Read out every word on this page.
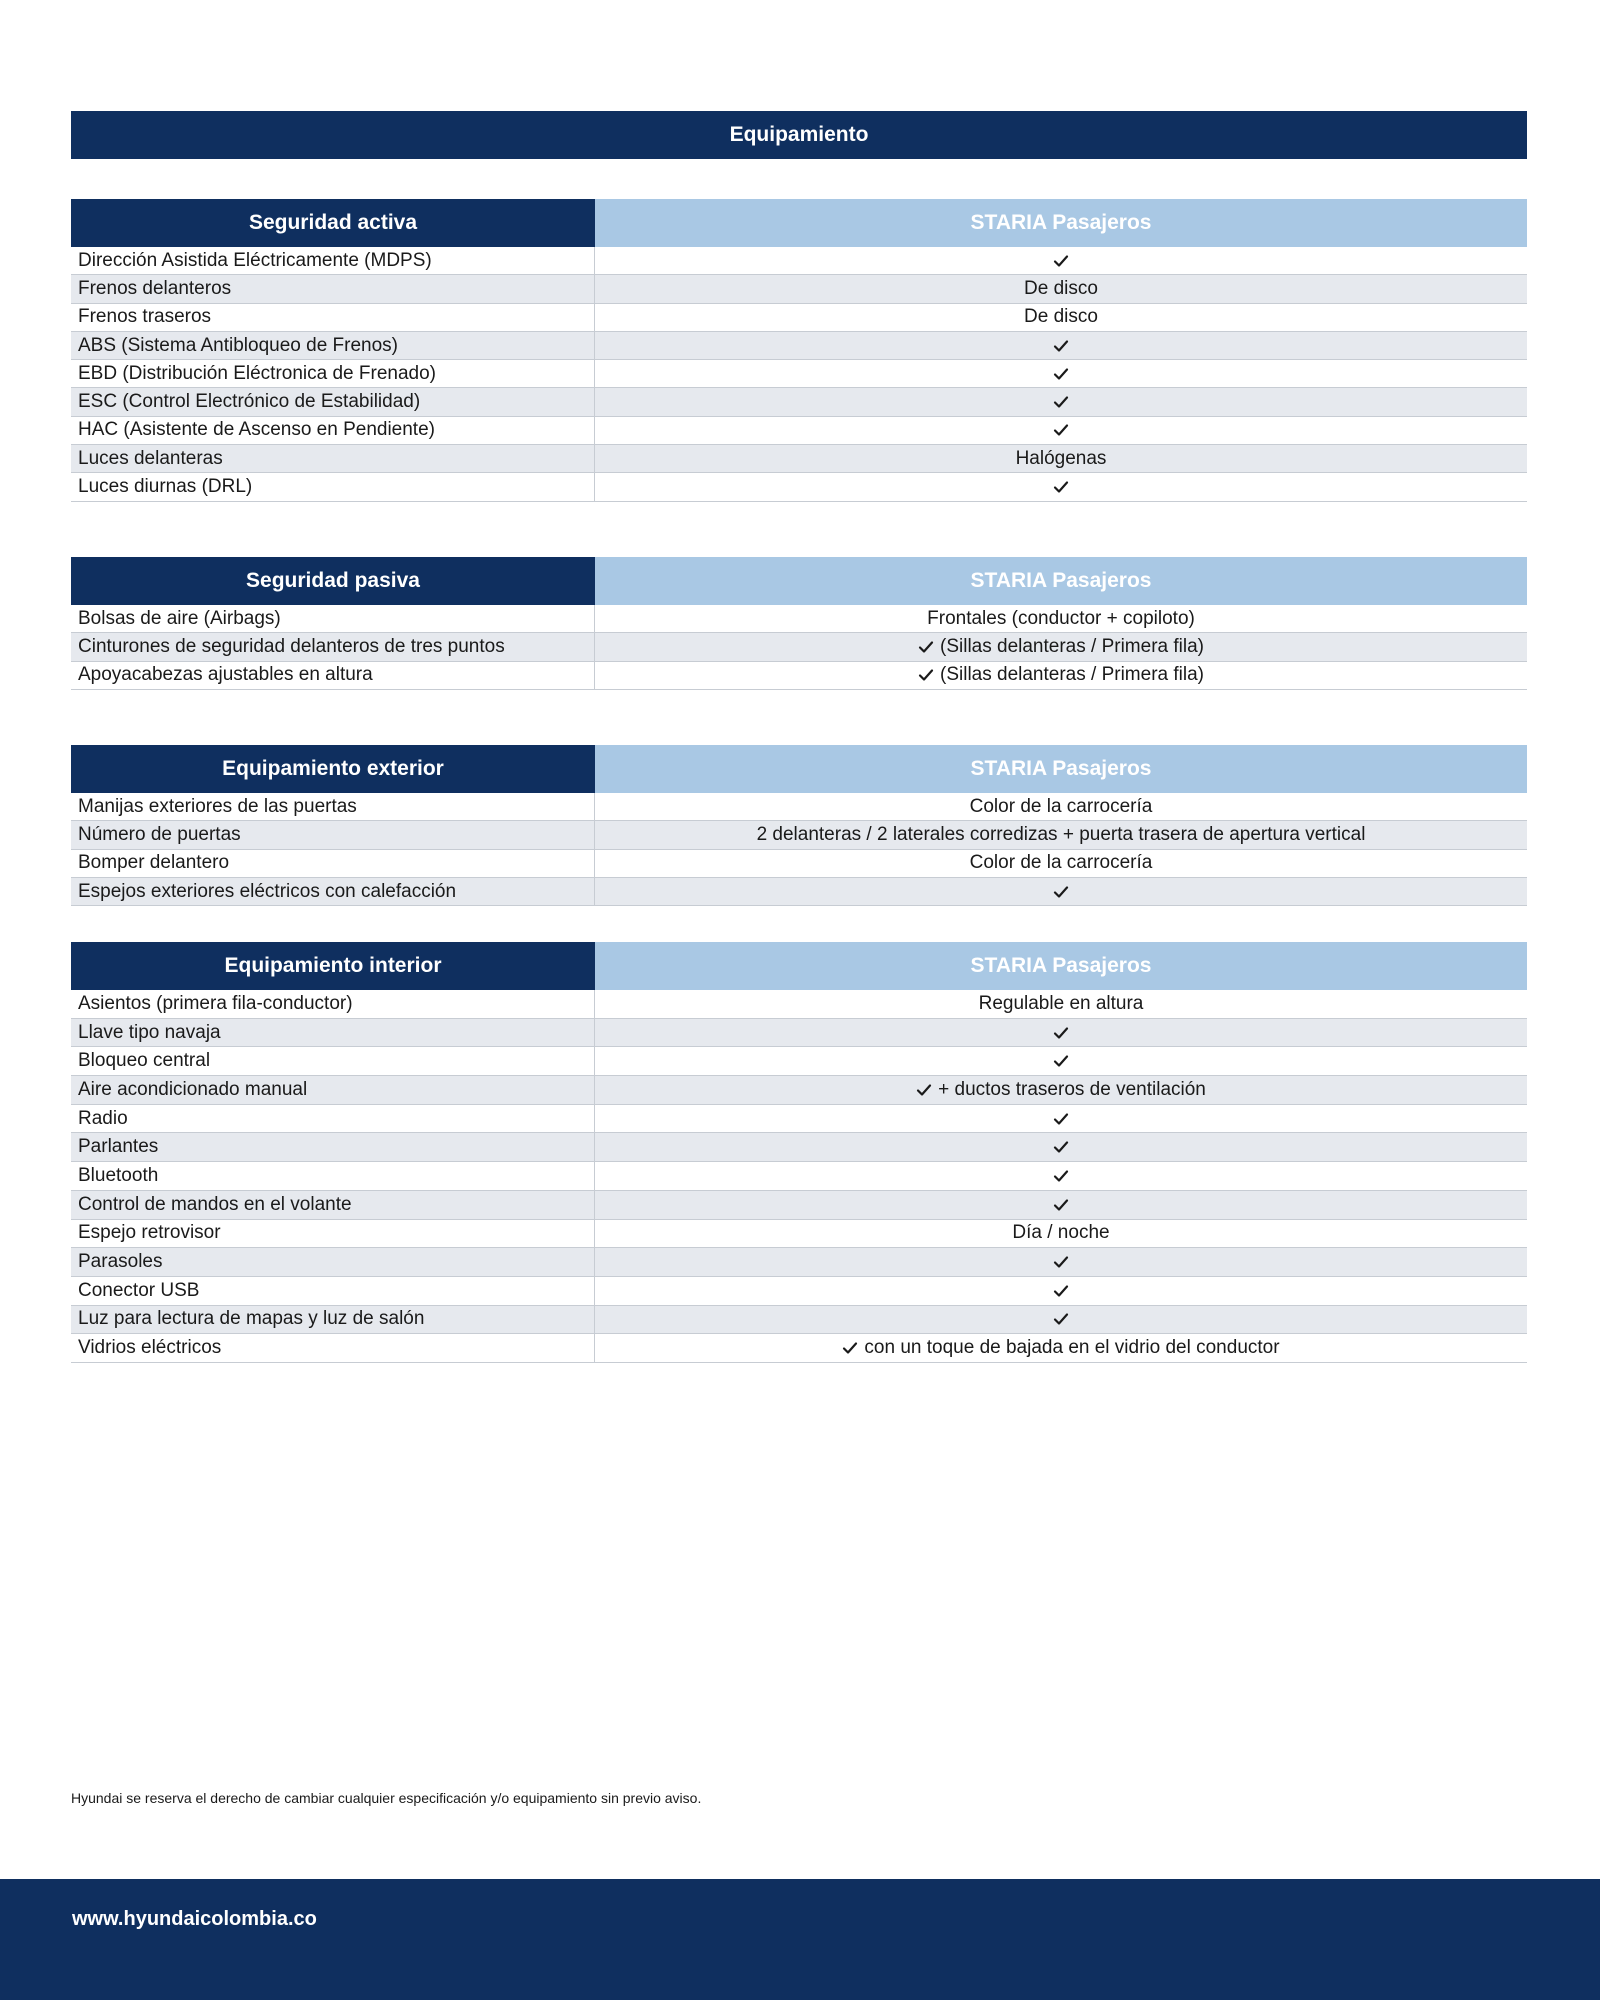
Equipamiento
Seguridad activa	STARIA Pasajeros
Dirección Asistida Eléctricamente (MDPS)
Frenos delanteros	De disco
Frenos traseros	De disco
ABS (Sistema Antibloqueo de Frenos)
EBD (Distribución Eléctronica de Frenado)
ESC (Control Electrónico de Estabilidad)
HAC (Asistente de Ascenso en Pendiente)
Luces delanteras	Halógenas
Luces diurnas (DRL)
Seguridad pasiva	STARIA Pasajeros
Bolsas de aire (Airbags)	Frontales (conductor + copiloto)
Cinturones de seguridad delanteros de tres puntos	(Sillas delanteras / Primera fila)
Apoyacabezas ajustables en altura	(Sillas delanteras / Primera fila)
Equipamiento exterior	STARIA Pasajeros
Manijas exteriores de las puertas	Color de la carrocería
Número de puertas	2 delanteras / 2 laterales corredizas + puerta trasera de apertura vertical
Bomper delantero	Color de la carrocería
Espejos exteriores eléctricos con calefacción
Equipamiento interior	STARIA Pasajeros
Asientos (primera fila-conductor)	Regulable en altura
Llave tipo navaja
Bloqueo central
Aire acondicionado manual	+ ductos traseros de ventilación
Radio
Parlantes
Bluetooth
Control de mandos en el volante
Espejo retrovisor	Día / noche
Parasoles
Conector USB
Luz para lectura de mapas y luz de salón
Vidrios eléctricos	con un toque de bajada en el vidrio del conductor
Hyundai se reserva el derecho de cambiar cualquier especificación y/o equipamiento sin previo aviso.
www.hyundaicolombia.co
